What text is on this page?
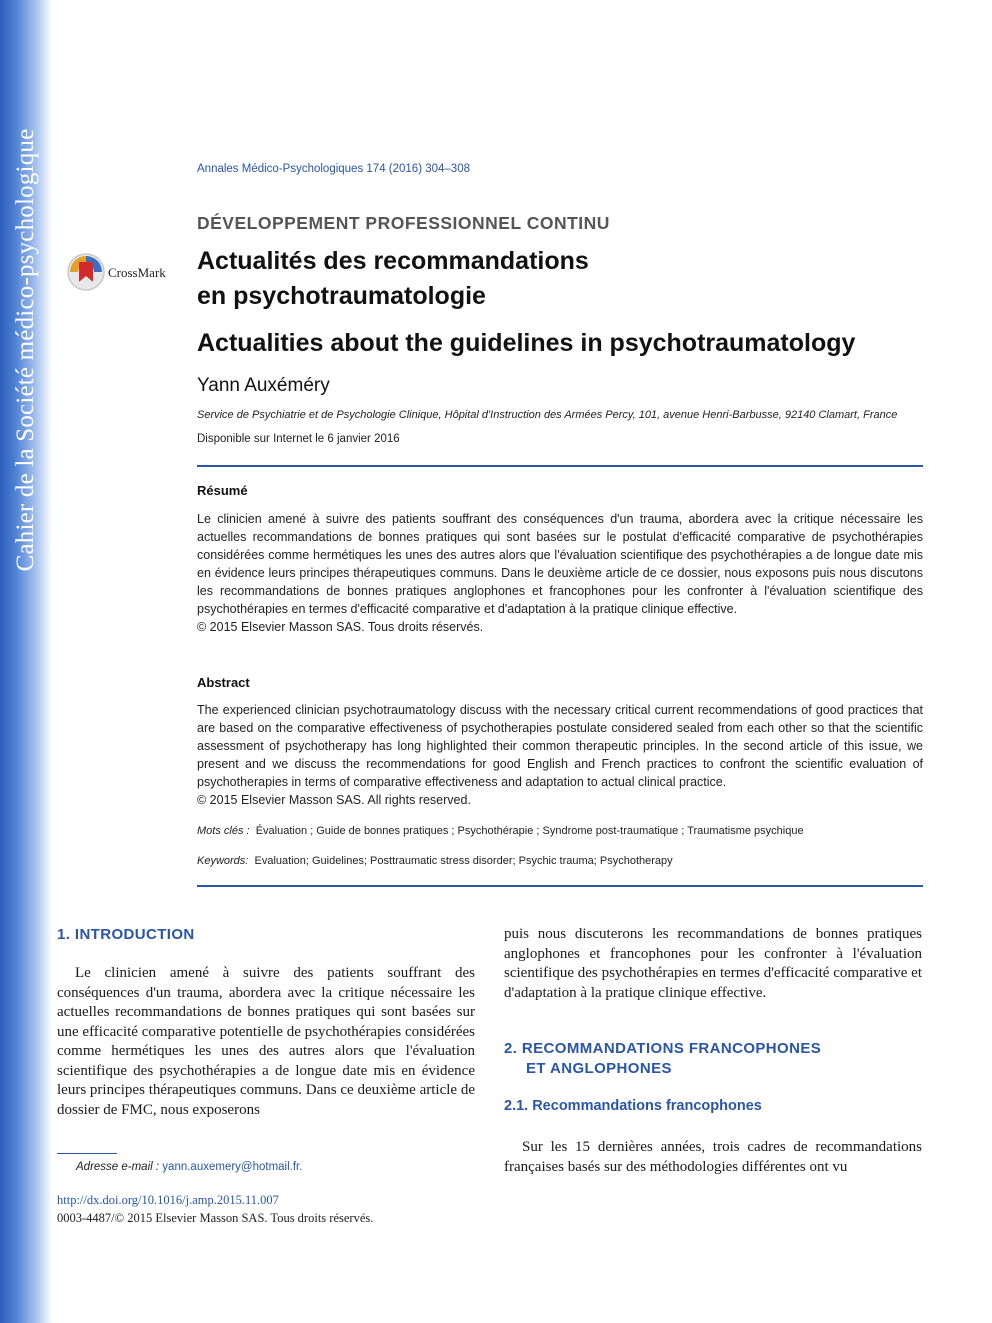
Cahier de la Société médico-psychologique	Annales Médico-Psychologiques 174 (2016) 304–308
DÉVELOPPEMENT PROFESSIONNEL CONTINU
CrossMark Actualités des recommandations
en psychotraumatologie
Actualities about the guidelines in psychotraumatology
Yann Auxéméry
Service de Psychiatrie et de Psychologie Clinique, Hôpital d'Instruction des Armées Percy, 101, avenue Henri-Barbusse, 92140 Clamart, France
Disponible sur Internet le 6 janvier 2016
Résumé
Le clinicien amené à suivre des patients souffrant des conséquences d'un trauma, abordera avec la critique nécessaire les actuelles recommandations de bonnes pratiques qui sont basées sur le postulat d'efficacité comparative de psychothérapies considérées comme hermétiques les unes des autres alors que l'évaluation scientifique des psychothérapies a de longue date mis en évidence leurs principes thérapeutiques communs. Dans le deuxième article de ce dossier, nous exposons puis nous discutons les recommandations de bonnes pratiques anglophones et francophones pour les confronter à l'évaluation scientifique des psychothérapies en termes d'efficacité comparative et d'adaptation à la pratique clinique effective.
© 2015 Elsevier Masson SAS. Tous droits réservés.
Abstract
The experienced clinician psychotraumatology discuss with the necessary critical current recommendations of good practices that are based on the comparative effectiveness of psychotherapies postulate considered sealed from each other so that the scientific assessment of psychotherapy has long highlighted their common therapeutic principles. In the second article of this issue, we present and we discuss the recommendations for good English and French practices to confront the scientific evaluation of psychotherapies in terms of comparative effectiveness and adaptation to actual clinical practice.
© 2015 Elsevier Masson SAS. All rights reserved.
Mots clés : Évaluation ; Guide de bonnes pratiques ; Psychothérapie ; Syndrome post-traumatique ; Traumatisme psychique
Keywords: Evaluation; Guidelines; Posttraumatic stress disorder; Psychic trauma; Psychotherapy
1. INTRODUCTION
Le clinicien amené à suivre des patients souffrant des conséquences d'un trauma, abordera avec la critique nécessaire les actuelles recommandations de bonnes pratiques qui sont basées sur une efficacité comparative potentielle de psychothérapies considérées comme hermétiques les unes des autres alors que l'évaluation scientifique des psychothérapies a de longue date mis en évidence leurs principes thérapeutiques communs. Dans ce deuxième article de dossier de FMC, nous exposerons
puis nous discuterons les recommandations de bonnes pratiques anglophones et francophones pour les confronter à l'évaluation scientifique des psychothérapies en termes d'efficacité comparative et d'adaptation à la pratique clinique effective.
2. RECOMMANDATIONS FRANCOPHONES
ET ANGLOPHONES
2.1. Recommandations francophones
Sur les 15 dernières années, trois cadres de recommandations françaises basés sur des méthodologies différentes ont vu
Adresse e-mail : yann.auxemery@hotmail.fr.
http://dx.doi.org/10.1016/j.amp.2015.11.007
0003-4487/© 2015 Elsevier Masson SAS. Tous droits réservés.
